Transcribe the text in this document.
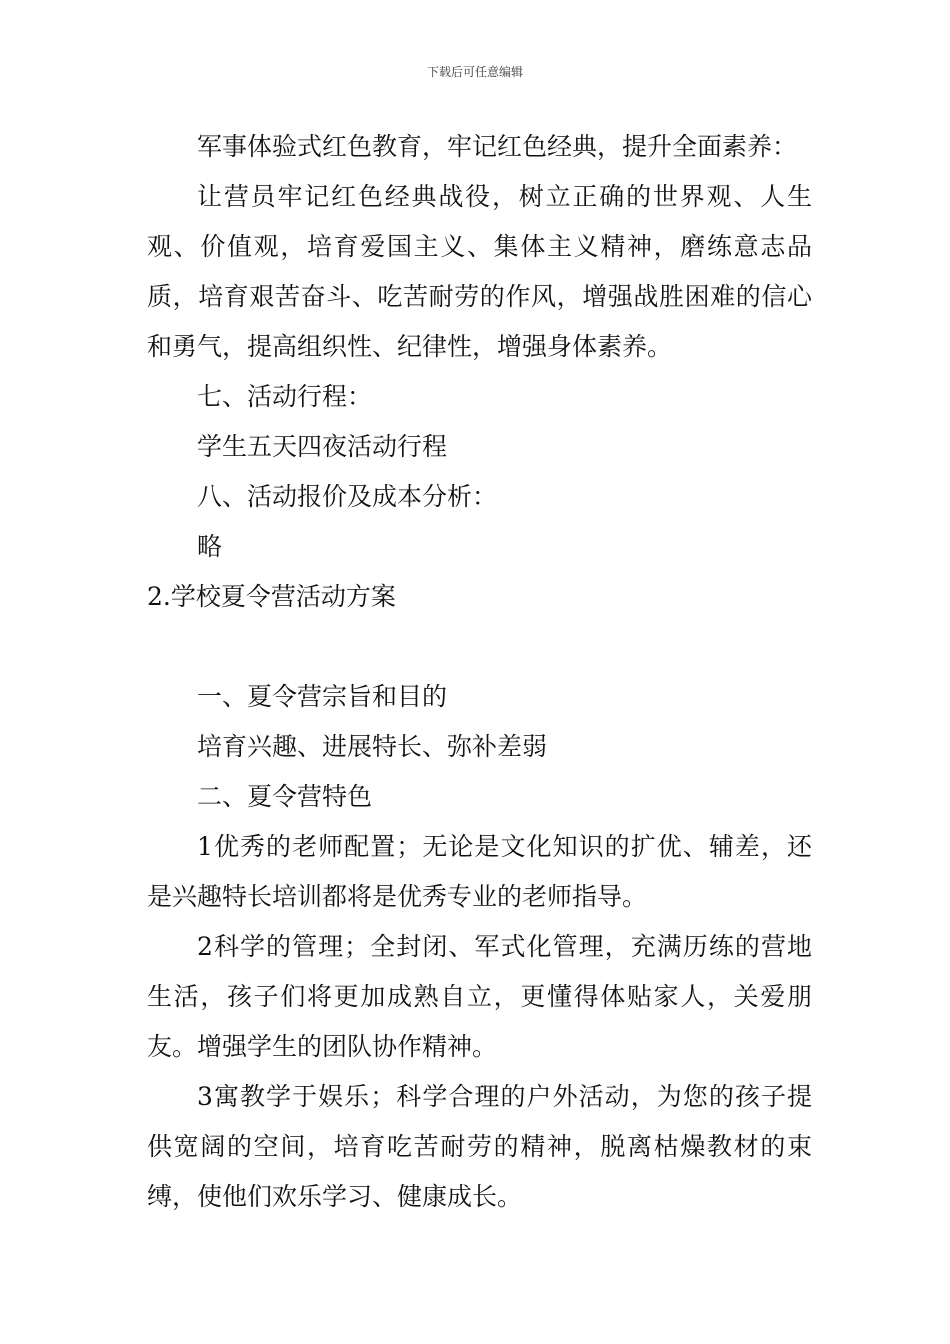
下载后可任意编辑

军事体验式红色教育，牢记红色经典，提升全面素养：

让营员牢记红色经典战役，树立正确的世界观、人生观、价值观，培育爱国主义、集体主义精神，磨练意志品质，培育艰苦奋斗、吃苦耐劳的作风，增强战胜困难的信心和勇气，提高组织性、纪律性，增强身体素养。

七、活动行程：

学生五天四夜活动行程

八、活动报价及成本分析：

略

2.学校夏令营活动方案

一、夏令营宗旨和目的

培育兴趣、进展特长、弥补差弱

二、夏令营特色

1优秀的老师配置；无论是文化知识的扩优、辅差，还是兴趣特长培训都将是优秀专业的老师指导。

2科学的管理；全封闭、军式化管理，充满历练的营地生活，孩子们将更加成熟自立，更懂得体贴家人，关爱朋友。增强学生的团队协作精神。

3寓教学于娱乐；科学合理的户外活动，为您的孩子提供宽阔的空间，培育吃苦耐劳的精神，脱离枯燥教材的束缚，使他们欢乐学习、健康成长。
